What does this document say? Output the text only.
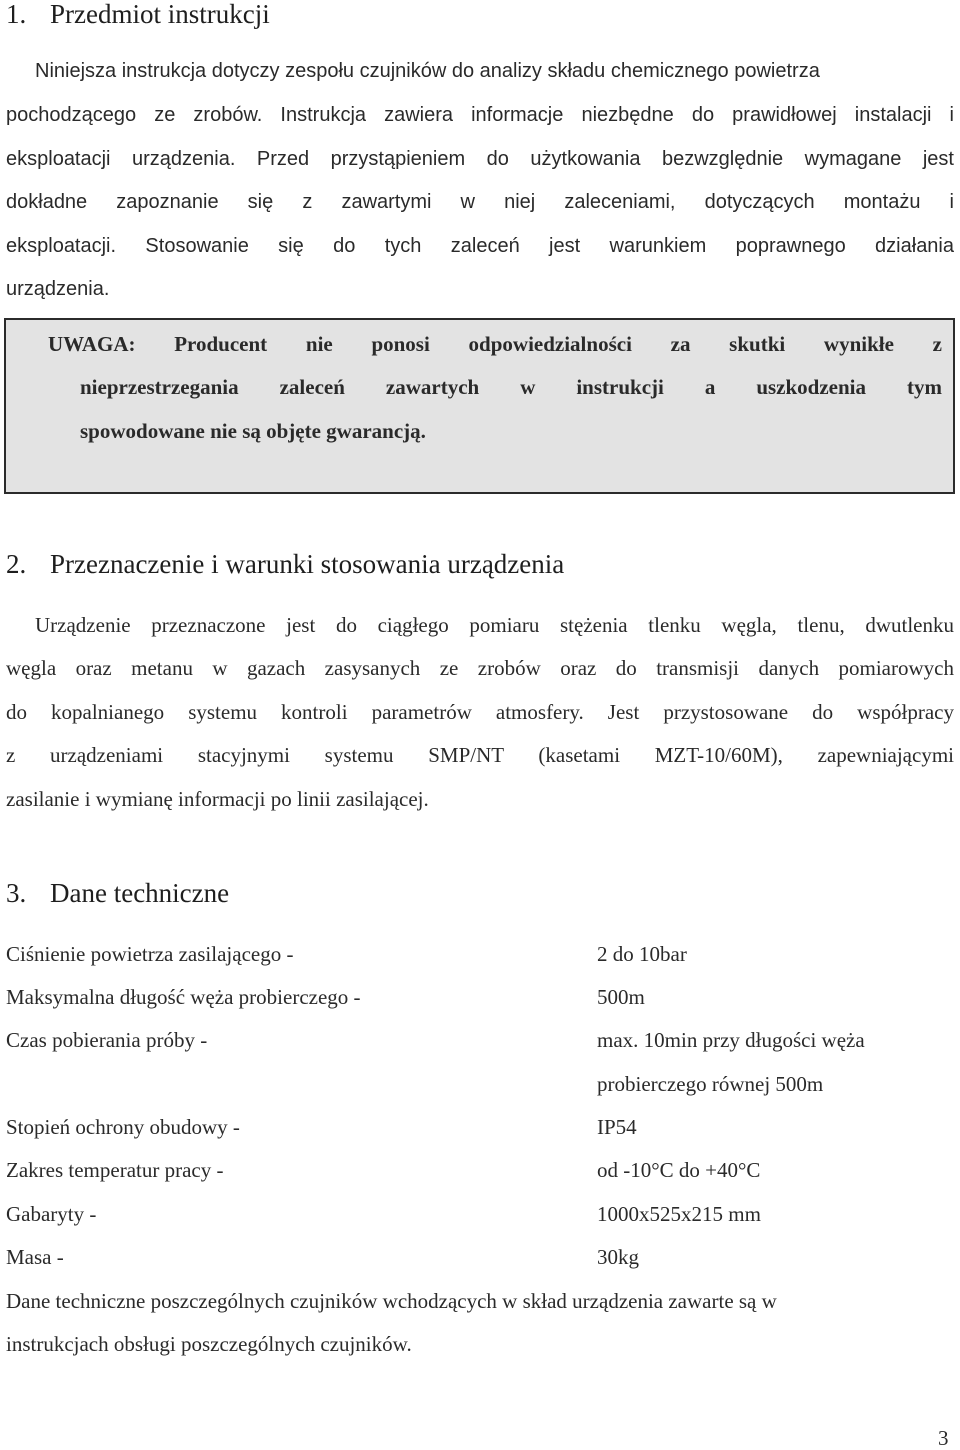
1. Przedmiot instrukcji
Niniejsza instrukcja dotyczy zespołu czujników do analizy składu chemicznego powietrza
pochodzącego ze zrobów. Instrukcja zawiera informacje niezbędne do prawidłowej instalacji i
eksploatacji urządzenia. Przed przystąpieniem do użytkowania bezwzględnie wymagane jest
dokładne zapoznanie się z zawartymi w niej zaleceniami, dotyczących montażu i
eksploatacji. Stosowanie się do tych zaleceń jest warunkiem poprawnego działania
urządzenia.
UWAGA: Producent nie ponosi odpowiedzialności za skutki wynikłe z
nieprzestrzegania zaleceń zawartych w instrukcji a uszkodzenia tym
spowodowane nie są objęte gwarancją.
2. Przeznaczenie i warunki stosowania urządzenia
Urządzenie przeznaczone jest do ciągłego pomiaru stężenia tlenku węgla, tlenu, dwutlenku
węgla oraz metanu w gazach zasysanych ze zrobów oraz do transmisji danych pomiarowych
do kopalnianego systemu kontroli parametrów atmosfery. Jest przystosowane do współpracy
z urządzeniami stacyjnymi systemu SMP/NT (kasetami MZT-10/60M), zapewniającymi
zasilanie i wymianę informacji po linii zasilającej.
3. Dane techniczne
Ciśnienie powietrza zasilającego -	2 do 10bar
Maksymalna długość węża probierczego -	500m
Czas pobierania próby -	max. 10min przy długości węża
probierczego równej 500m
Stopień ochrony obudowy -	IP54
Zakres temperatur pracy -	od -10°C do +40°C
Gabaryty -	1000x525x215 mm
Masa -	30kg
Dane techniczne poszczególnych czujników wchodzących w skład urządzenia zawarte są w
instrukcjach obsługi poszczególnych czujników.
3
